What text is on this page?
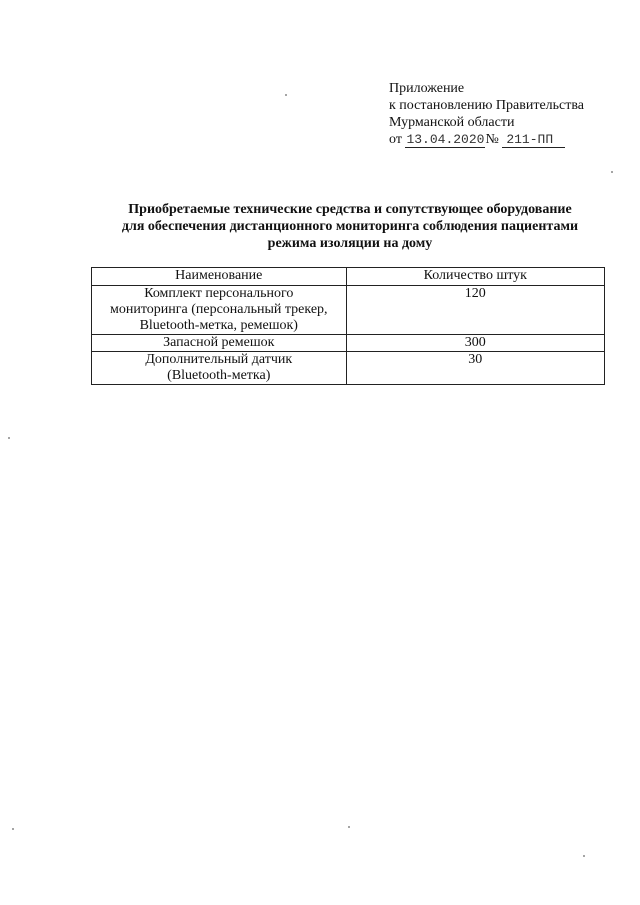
Приложение
к постановлению Правительства
Мурманской области
от 13.04.2020№ 211-ПП
Приобретаемые технические средства и сопутствующее оборудование
для обеспечения дистанционного мониторинга соблюдения пациентами
режима изоляции на дому
Наименование	Количество штук

Комплект персонального
мониторинга (персональный трекер,
Bluetooth-метка, ремешок)	120

Запасной ремешок	300

Дополнительный датчик
(Bluetooth-метка)	30
